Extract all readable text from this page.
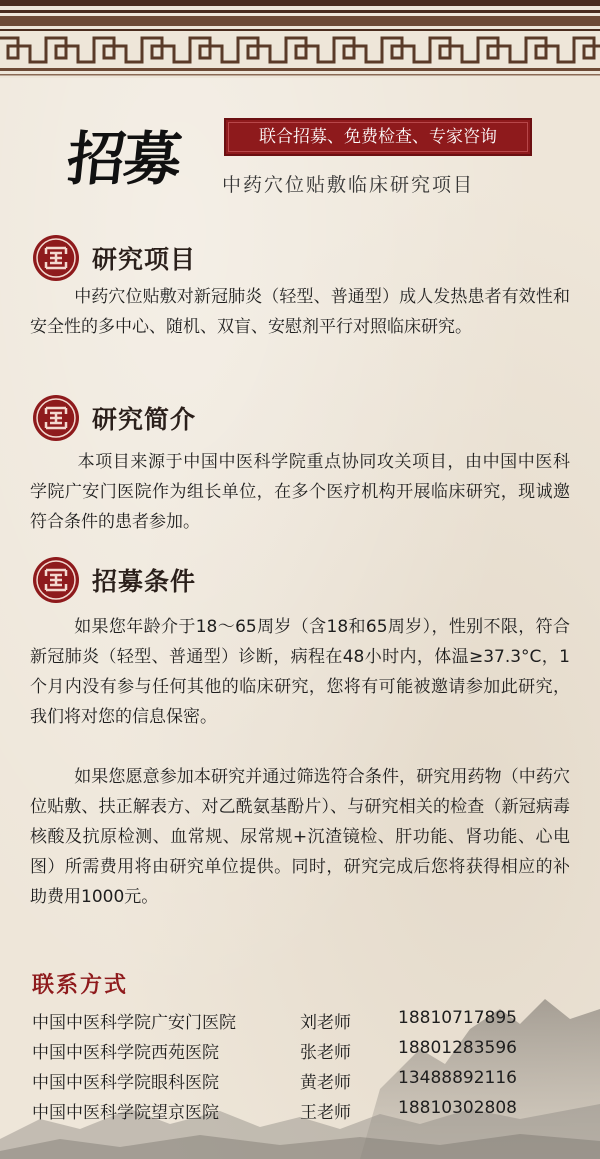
招募	联合招募、免费检查、专家咨询
中药穴位贴敷临床研究项目
研究项目

中药穴位贴敷对新冠肺炎（轻型、普通型）成人发热患者有效性和安全性的多中心、随机、双盲、安慰剂平行对照临床研究。

研究简介

本项目来源于中国中医科学院重点协同攻关项目，由中国中医科学院广安门医院作为组长单位，在多个医疗机构开展临床研究，现诚邀符合条件的患者参加。

招募条件

如果您年龄介于18～65周岁（含18和65周岁），性别不限，符合新冠肺炎（轻型、普通型）诊断，病程在48小时内，体温≥37.3°C，1个月内没有参与任何其他的临床研究，您将有可能被邀请参加此研究，我们将对您的信息保密。

如果您愿意参加本研究并通过筛选符合条件，研究用药物（中药穴位贴敷、扶正解表方、对乙酰氨基酚片）、与研究相关的检查（新冠病毒核酸及抗原检测、血常规、尿常规+沉渣镜检、肝功能、肾功能、心电图）所需费用将由研究单位提供。同时，研究完成后您将获得相应的补助费用1000元。

联系方式
中国中医科学院广安门医院	刘老师	18810717895
中国中医科学院西苑医院	张老师	18801283596
中国中医科学院眼科医院	黄老师	13488892116
中国中医科学院望京医院	王老师	18810302808
